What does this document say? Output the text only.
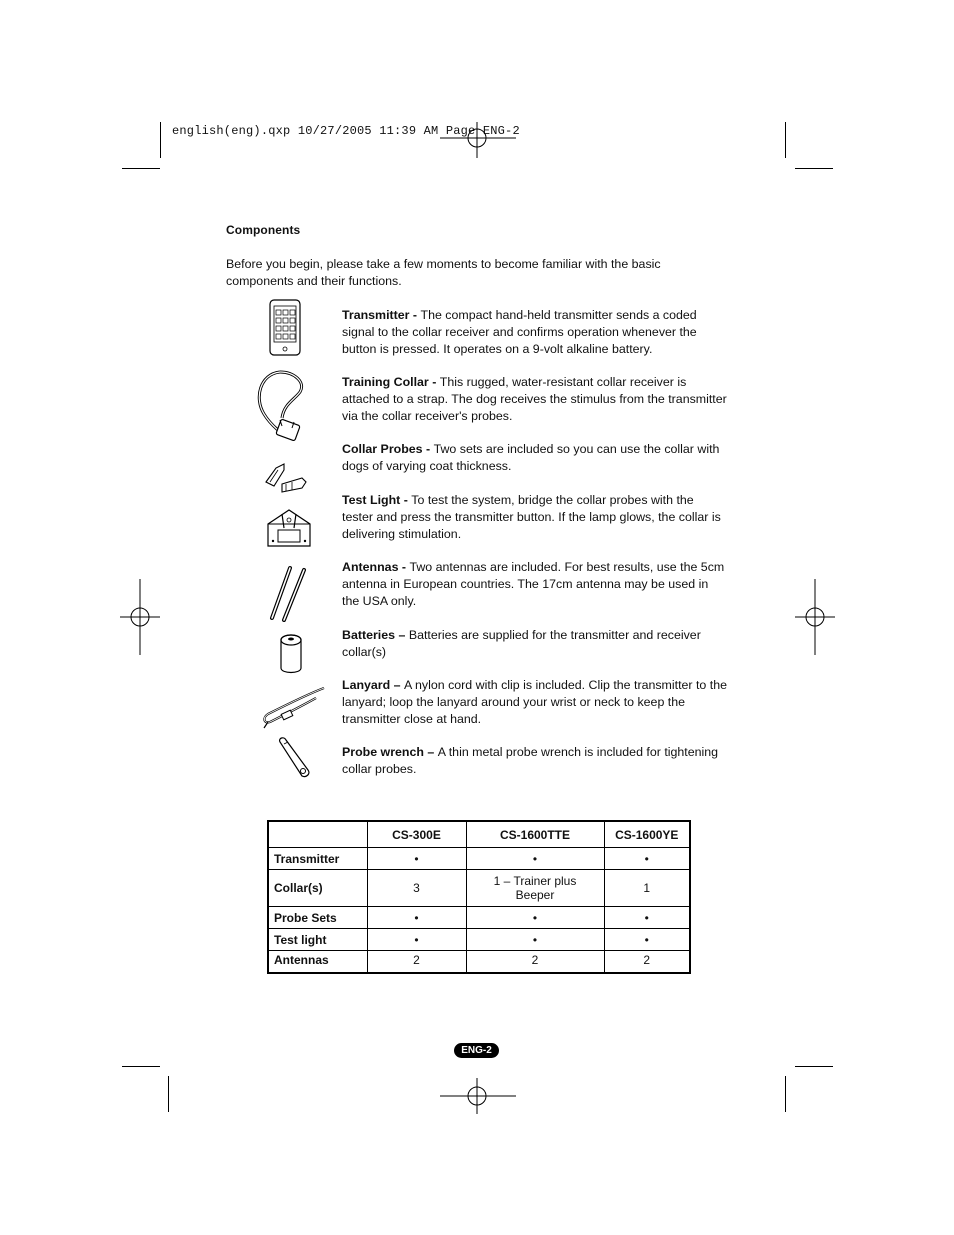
english(eng).qxp 10/27/2005 11:39 AM Page ENG-2
Components

Before you begin, please take a few moments to become familiar with the basic components and their functions.

Transmitter - The compact hand-held transmitter sends a coded signal to the collar receiver and confirms operation whenever the button is pressed. It operates on a 9-volt alkaline battery.

Training Collar - This rugged, water-resistant collar receiver is attached to a strap. The dog receives the stimulus from the transmitter via the collar receiver's probes.

Collar Probes - Two sets are included so you can use the collar with dogs of varying coat thickness.

Test Light - To test the system, bridge the collar probes with the tester and press the transmitter button. If the lamp glows, the collar is delivering stimulation.

Antennas - Two antennas are included. For best results, use the 5cm antenna in European countries. The 17cm antenna may be used in the USA only.

Batteries – Batteries are supplied for the transmitter and receiver collar(s)

Lanyard – A nylon cord with clip is included. Clip the transmitter to the lanyard; loop the lanyard around your wrist or neck to keep the transmitter close at hand.

Probe wrench – A thin metal probe wrench is included for tightening collar probes.

	CS-300E	CS-1600TTE	CS-1600YE
Transmitter	•	•	•
Collar(s)	3	1 – Trainer plus Beeper	1
Probe Sets	•	•	•
Test light	•	•	•
Antennas	2	2	2
ENG-2
